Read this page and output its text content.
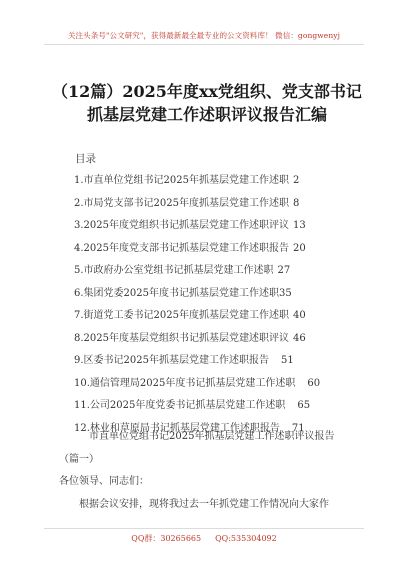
关注头条号"公文研究"，获得最新最全最专业的公文资料库！ 微信：gongwenyj
（12篇）2025年度xx党组织、党支部书记抓基层党建工作述职评议报告汇编
目录
1.市直单位党组书记2025年抓基层党建工作述职 2
2.市局党支部书记2025年度抓基层党建工作述职 8
3.2025年度党组织书记抓基层党建工作述职评议 13
4.2025年度党支部书记抓基层党建工作述职报告 20
5.市政府办公室党组书记抓基层党建工作述职 27
6.集团党委2025年度书记抓基层党建工作述职35
7.街道党工委书记2025年度抓基层党建工作述职 40
8.2025年度基层党组织书记抓基层党建述职评议 46
9.区委书记2025年抓基层党建工作述职报告 51
10.通信管理局2025年度书记抓基层党建工作述职 60
11.公司2025年度党委书记抓基层党建工作述职 65
12.林业和草原局书记抓基层党建工作述职报告 71
市直单位党组书记2025年抓基层党建工作述职评议报告
（篇一）
各位领导、同志们：
根据会议安排，现将我过去一年抓党建工作情况向大家作
QQ群：30265665 QQ:535304092
